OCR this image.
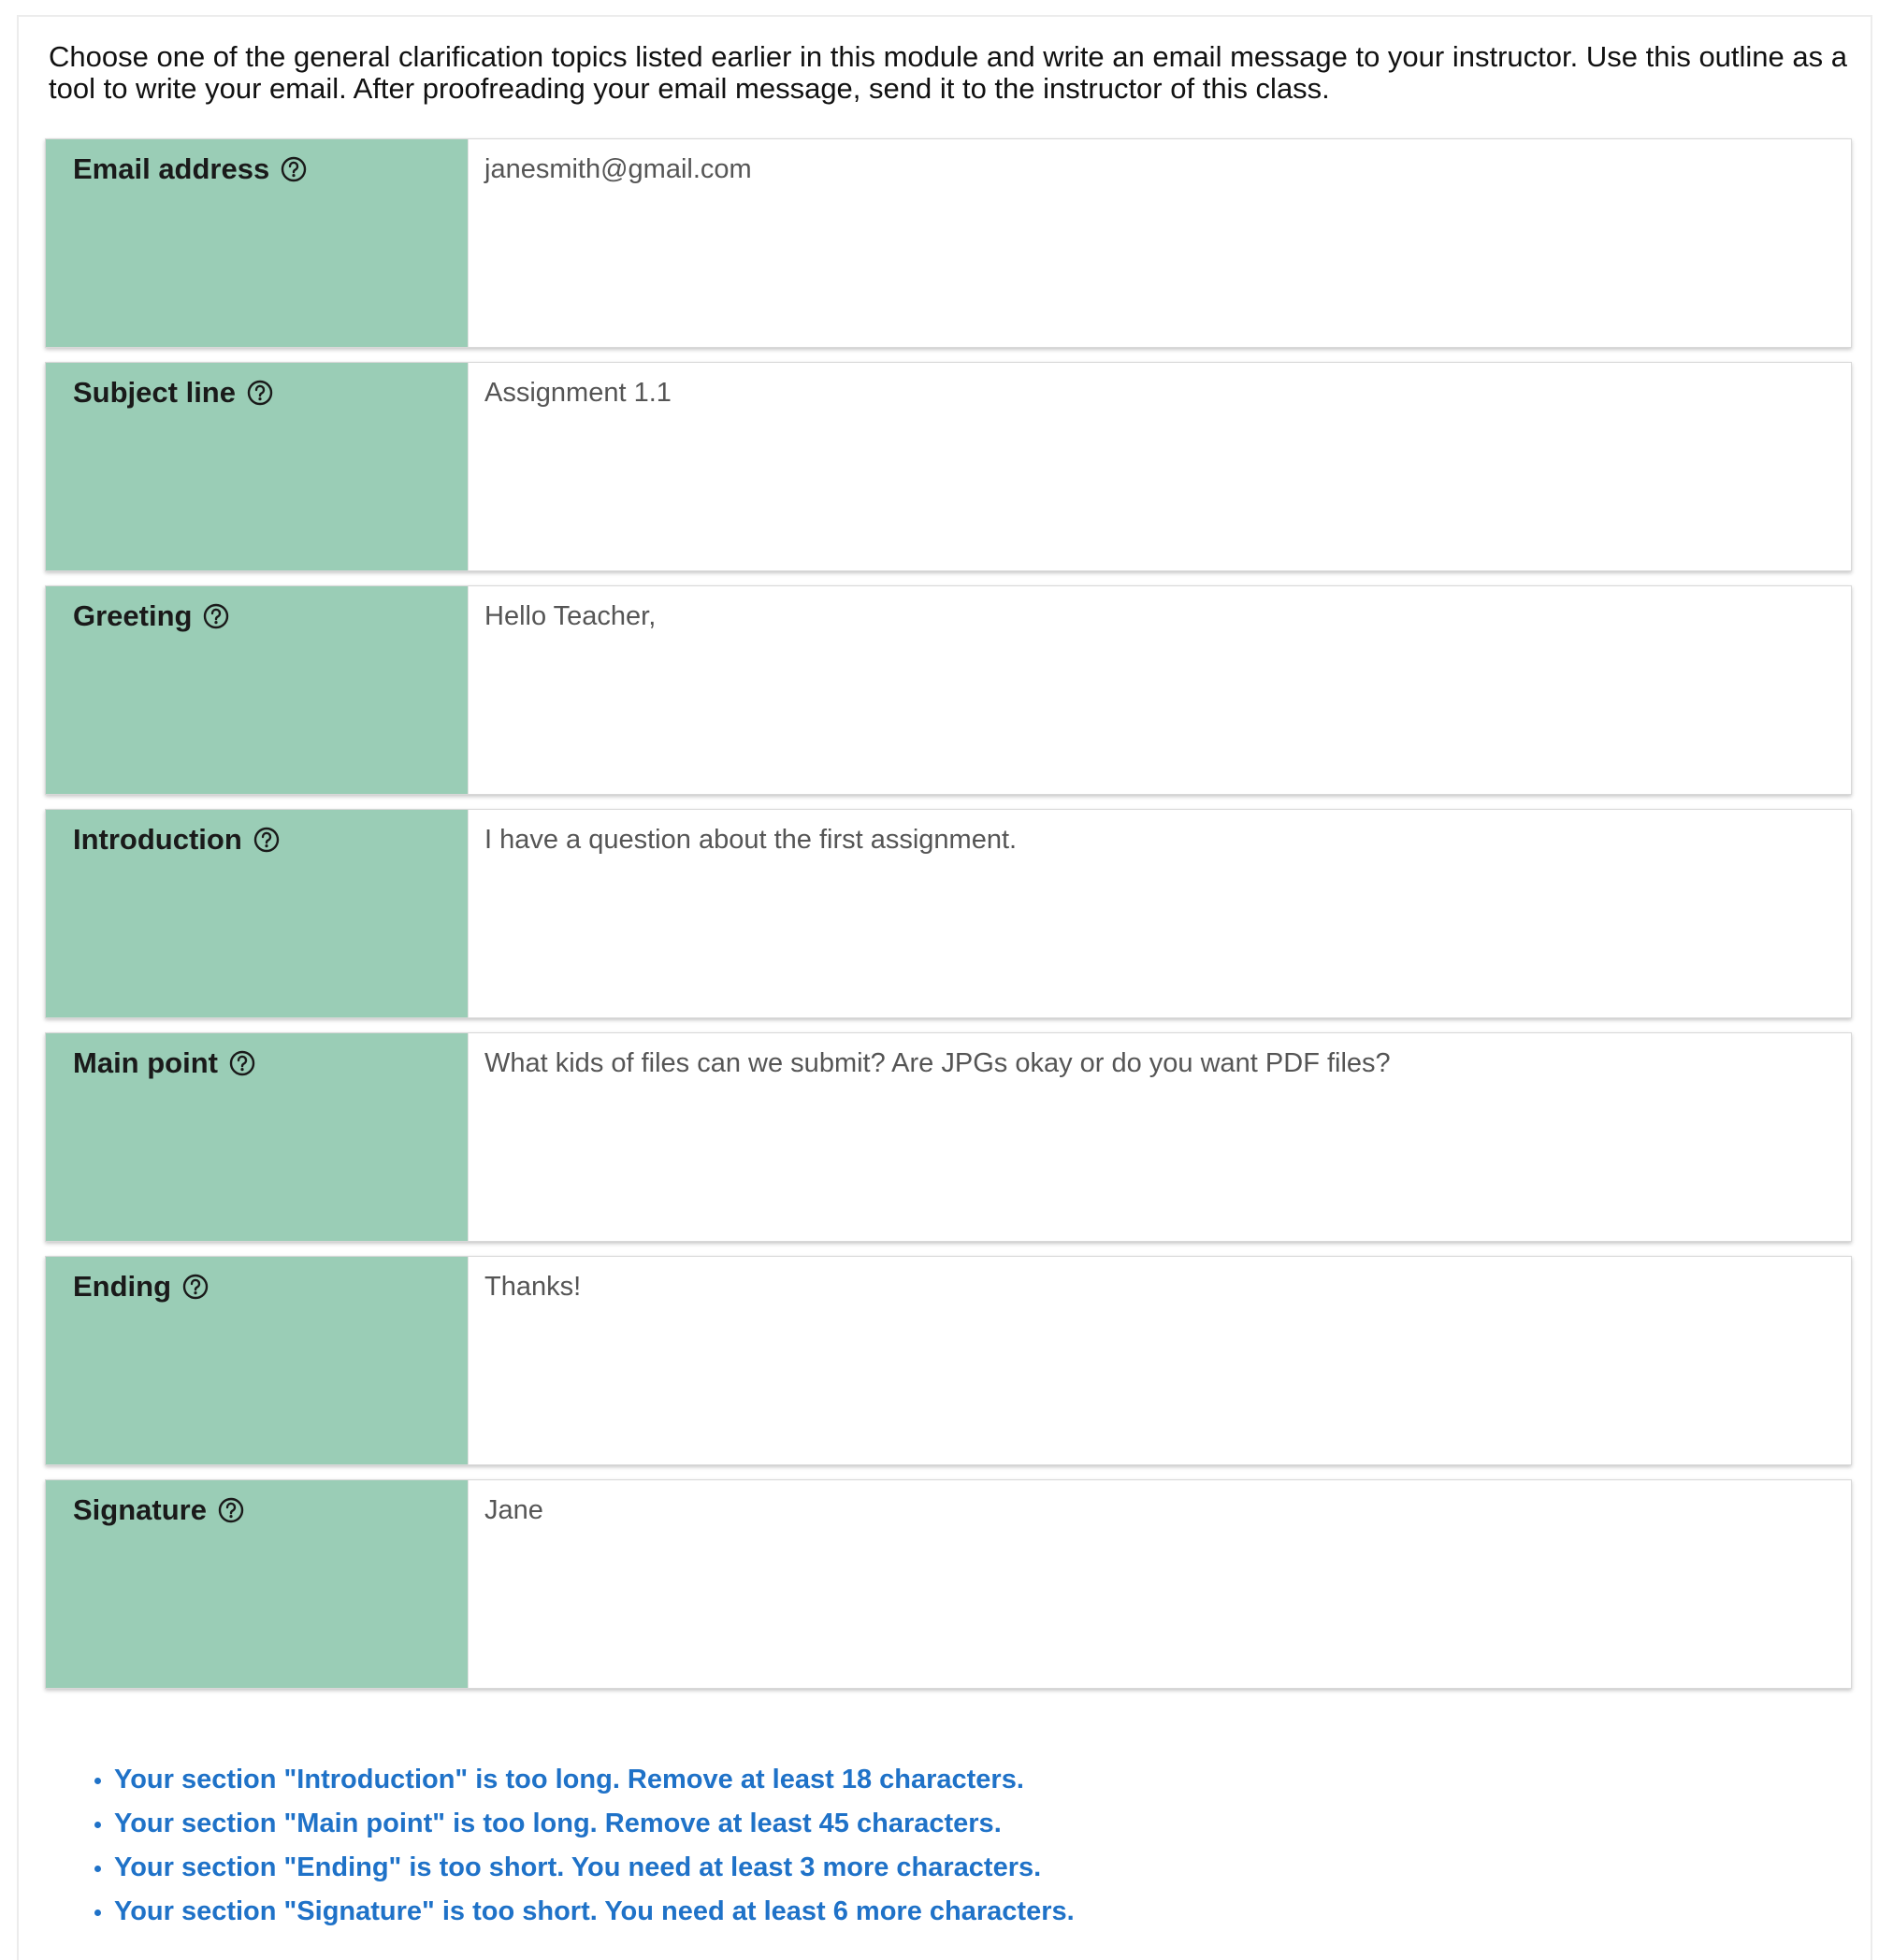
Choose one of the general clarification topics listed earlier in this module and write an email message to your instructor. Use this outline as a tool to write your email. After proofreading your email message, send it to the instructor of this class.
Email address
janesmith@gmail.com
Subject line
Assignment 1.1
Greeting
Hello Teacher,
Introduction
I have a question about the first assignment.
Main point
What kids of files can we submit? Are JPGs okay or do you want PDF files?
Ending
Thanks!
Signature
Jane
• Your section "Introduction" is too long. Remove at least 18 characters.
• Your section "Main point" is too long. Remove at least 45 characters.
• Your section "Ending" is too short. You need at least 3 more characters.
• Your section "Signature" is too short. You need at least 6 more characters.
